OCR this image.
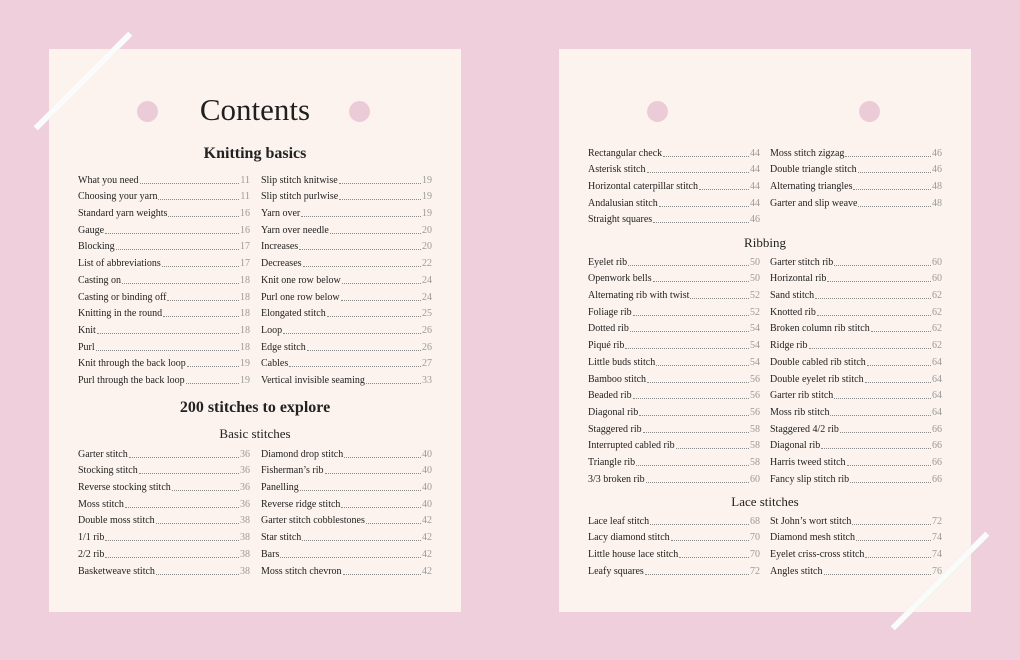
Contents
Knitting basics
What you need	11
Choosing your yarn	11
Standard yarn weights	16
Gauge	16
Blocking	17
List of abbreviations	17
Casting on	18
Casting or binding off	18
Knitting in the round	18
Knit	18
Purl	18
Knit through the back loop	19
Purl through the back loop	19
Slip stitch knitwise	19
Slip stitch purlwise	19
Yarn over	19
Yarn over needle	20
Increases	20
Decreases	22
Knit one row below	24
Purl one row below	24
Elongated stitch	25
Loop	26
Edge stitch	26
Cables	27
Vertical invisible seaming	33
200 stitches to explore
Basic stitches
Garter stitch	36
Stocking stitch	36
Reverse stocking stitch	36
Moss stitch	36
Double moss stitch	38
1/1 rib	38
2/2 rib	38
Basketweave stitch	38
Diamond drop stitch	40
Fisherman’s rib	40
Panelling	40
Reverse ridge stitch	40
Garter stitch cobblestones	42
Star stitch	42
Bars	42
Moss stitch chevron	42
Rectangular check	44
Asterisk stitch	44
Horizontal caterpillar stitch	44
Andalusian stitch	44
Straight squares	46
Moss stitch zigzag	46
Double triangle stitch	46
Alternating triangles	48
Garter and slip weave	48
Ribbing
Eyelet rib	50
Openwork bells	50
Alternating rib with twist	52
Foliage rib	52
Dotted rib	54
Piqué rib	54
Little buds stitch	54
Bamboo stitch	56
Beaded rib	56
Diagonal rib	56
Staggered rib	58
Interrupted cabled rib	58
Triangle rib	58
3/3 broken rib	60
Garter stitch rib	60
Horizontal rib	60
Sand stitch	62
Knotted rib	62
Broken column rib stitch	62
Ridge rib	62
Double cabled rib stitch	64
Double eyelet rib stitch	64
Garter rib stitch	64
Moss rib stitch	64
Staggered 4/2 rib	66
Diagonal rib	66
Harris tweed stitch	66
Fancy slip stitch rib	66
Lace stitches
Lace leaf stitch	68
Lacy diamond stitch	70
Little house lace stitch	70
Leafy squares	72
St John’s wort stitch	72
Diamond mesh stitch	74
Eyelet criss-cross stitch	74
Angles stitch	76
